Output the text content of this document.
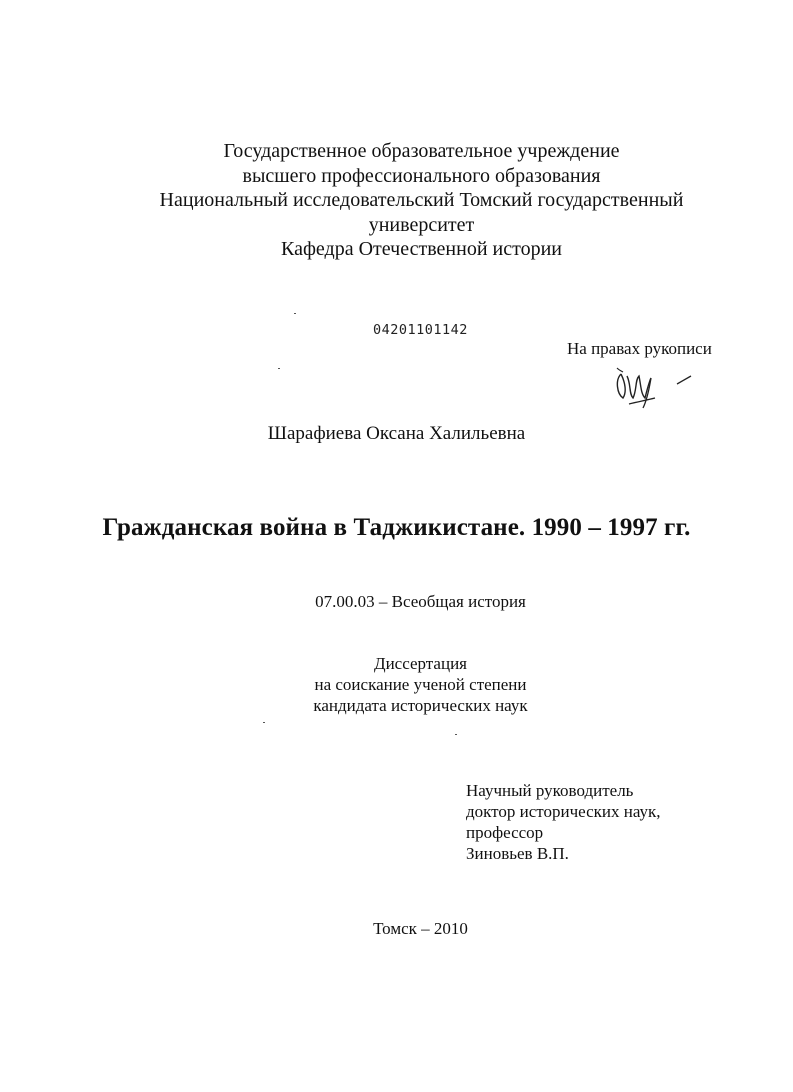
Государственное образовательное учреждение
высшего профессионального образования
Национальный исследовательский Томский государственный
университет
Кафедра Отечественной истории
04201101142
На правах рукописи
Шарафиева Оксана Халильевна
Гражданская война в Таджикистане. 1990 – 1997 гг.
07.00.03 – Всеобщая история
Диссертация
на соискание ученой степени
кандидата исторических наук
Научный руководитель
доктор исторических наук,
профессор
Зиновьев В.П.
Томск – 2010
